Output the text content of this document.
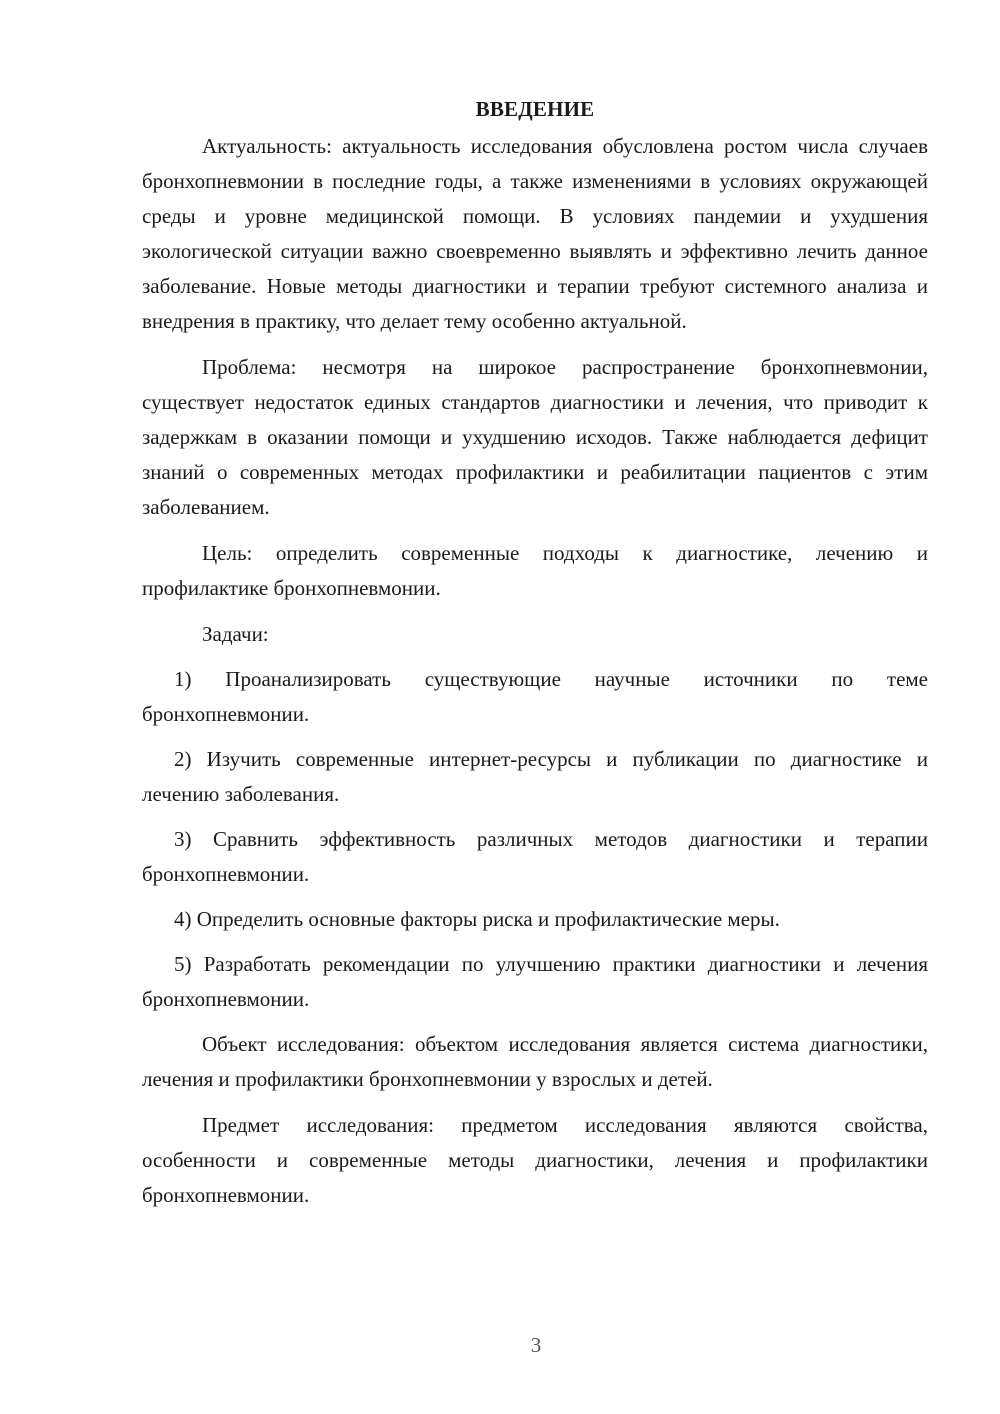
ВВЕДЕНИЕ

Актуальность: актуальность исследования обусловлена ростом числа случаев бронхопневмонии в последние годы, а также изменениями в условиях окружающей среды и уровне медицинской помощи. В условиях пандемии и ухудшения экологической ситуации важно своевременно выявлять и эффективно лечить данное заболевание. Новые методы диагностики и терапии требуют системного анализа и внедрения в практику, что делает тему особенно актуальной.

Проблема: несмотря на широкое распространение бронхопневмонии, существует недостаток единых стандартов диагностики и лечения, что приводит к задержкам в оказании помощи и ухудшению исходов. Также наблюдается дефицит знаний о современных методах профилактики и реабилитации пациентов с этим заболеванием.

Цель: определить современные подходы к диагностике, лечению и профилактике бронхопневмонии.

Задачи:

1) Проанализировать существующие научные источники по теме бронхопневмонии.

2) Изучить современные интернет-ресурсы и публикации по диагностике и лечению заболевания.

3) Сравнить эффективность различных методов диагностики и терапии бронхопневмонии.

4) Определить основные факторы риска и профилактические меры.

5) Разработать рекомендации по улучшению практики диагностики и лечения бронхопневмонии.

Объект исследования: объектом исследования является система диагностики, лечения и профилактики бронхопневмонии у взрослых и детей.

Предмет исследования: предметом исследования являются свойства, особенности и современные методы диагностики, лечения и профилактики бронхопневмонии.

3
